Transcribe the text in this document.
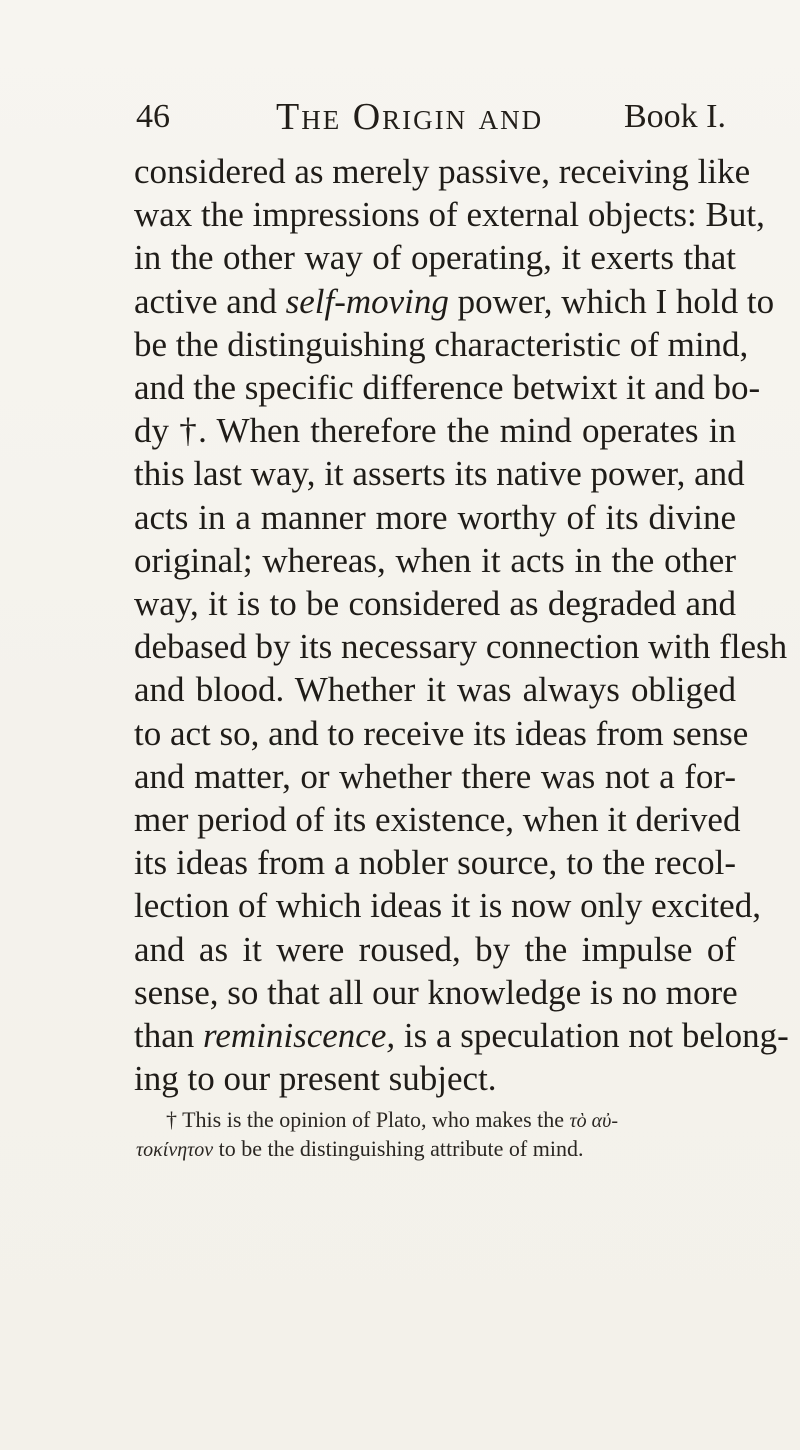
46	The Origin and Book I.
considered as merely passive, receiving like
wax the impressions of external objects: But,
in the other way of operating, it exerts that
active and self-moving power, which I hold to
be the distinguishing characteristic of mind,
and the specific difference betwixt it and bo-
dy †. When therefore the mind operates in
this last way, it asserts its native power, and
acts in a manner more worthy of its divine
original; whereas, when it acts in the other
way, it is to be considered as degraded and
debased by its necessary connection with flesh
and blood. Whether it was always obliged
to act so, and to receive its ideas from sense
and matter, or whether there was not a for-
mer period of its existence, when it derived
its ideas from a nobler source, to the recol-
lection of which ideas it is now only excited,
and as it were roused, by the impulse of
sense, so that all our knowledge is no more
than reminiscence, is a speculation not belong-
ing to our present subject.
† This is the opinion of Plato, who makes the τὸ αὐ-
τοκίνητον to be the distinguishing attribute of mind.
